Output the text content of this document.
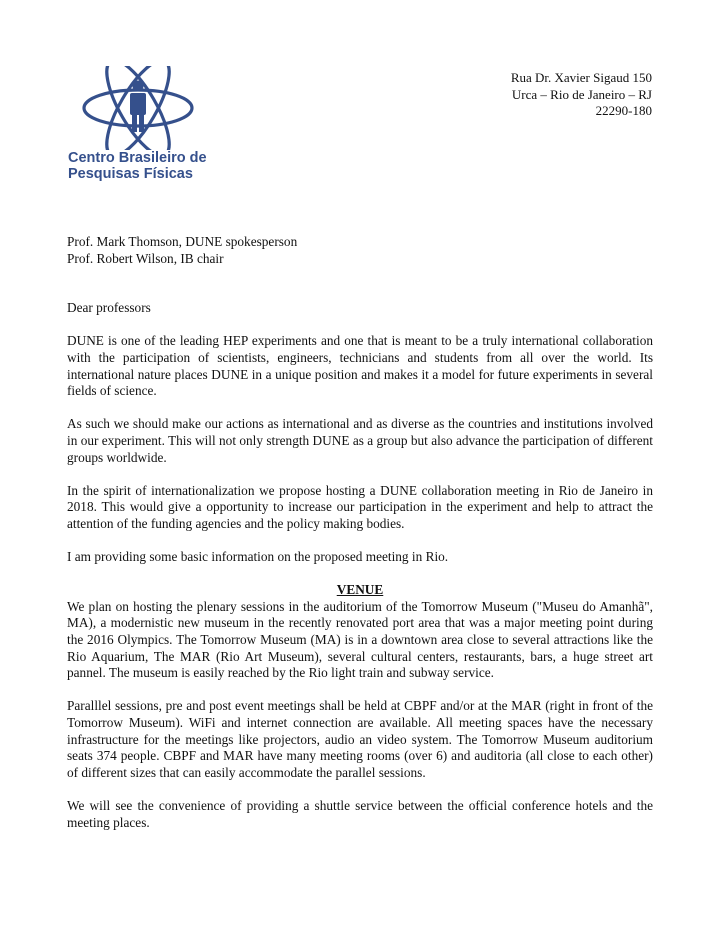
Centro Brasileiro de
Pesquisas Físicas
Rua Dr. Xavier Sigaud 150
Urca – Rio de Janeiro – RJ
22290-180

Prof. Mark Thomson, DUNE spokesperson
Prof. Robert Wilson, IB chair

Dear professors

DUNE is one of the leading HEP experiments and one that is meant to be a truly international collaboration with the participation of scientists, engineers, technicians and students from all over the world. Its international nature places DUNE in a unique position and makes it a model for future experiments in several fields of science.

As such we should make our actions as international and as diverse as the countries and institutions involved in our experiment. This will not only strength DUNE as a group but also advance the participation of different groups worldwide.

In the spirit of internationalization we propose hosting a DUNE collaboration meeting in Rio de Janeiro in 2018. This would give a opportunity to increase our participation in the experiment and help to attract the attention of the funding agencies and the policy making bodies.

I am providing some basic information on the proposed meeting in Rio.

VENUE

We plan on hosting the plenary sessions in the auditorium of the Tomorrow Museum ("Museu do Amanhã", MA), a modernistic new museum in the recently renovated port area that was a major meeting point during the 2016 Olympics. The Tomorrow Museum (MA) is in a downtown area close to several attractions like the Rio Aquarium, The MAR (Rio Art Museum), several cultural centers, restaurants, bars, a huge street art pannel. The museum is easily reached by the Rio light train and subway service.

Paralllel sessions, pre and post event meetings shall be held at CBPF and/or at the MAR (right in front of the Tomorrow Museum). WiFi and internet connection are available. All meeting spaces have the necessary infrastructure for the meetings like projectors, audio an video system. The Tomorrow Museum auditorium seats 374 people. CBPF and MAR have many meeting rooms (over 6) and auditoria (all close to each other) of different sizes that can easily accommodate the parallel sessions.

We will see the convenience of providing a shuttle service between the official conference hotels and the meeting places.
